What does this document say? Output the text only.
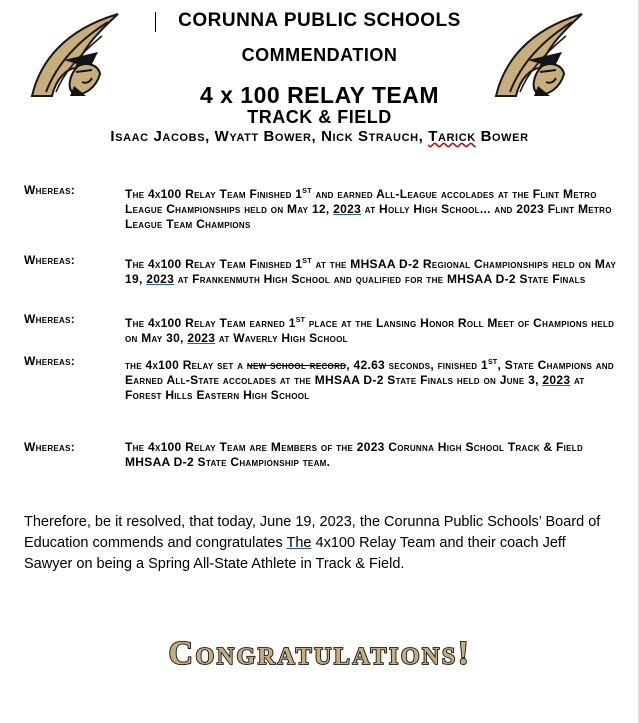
CORUNNA PUBLIC SCHOOLS
COMMENDATION
4 x 100 RELAY TEAM
TRACK & FIELD
Isaac Jacobs, Wyatt Bower, Nick Strauch, Tarick Bower
Whereas:	The 4x100 Relay Team Finished 1st and earned All-League accolades at the Flint Metro League Championships held on May 12, 2023 at Holly High School... and 2023 Flint Metro League Team Champions
Whereas:	The 4x100 Relay Team Finished 1st at the MHSAA D-2 Regional Championships held on May 19, 2023 at Frankenmuth High School and qualified for the MHSAA D-2 State Finals
Whereas:	The 4x100 Relay Team earned 1st place at the Lansing Honor Roll Meet of Champions held on May 30, 2023 at Waverly High School
Whereas:	the 4x100 Relay set a new school record, 42.63 seconds, finished 1st, State Champions and Earned All-State accolades at the MHSAA D-2 State Finals held on June 3, 2023 at Forest Hills Eastern High School
Whereas:	The 4x100 Relay Team are Members of the 2023 Corunna High School Track & Field MHSAA D-2 State Championship team.
Therefore, be it resolved, that today, June 19, 2023, the Corunna Public Schools’ Board of Education commends and congratulates The 4x100 Relay Team and their coach Jeff Sawyer on being a Spring All-State Athlete in Track & Field.
Congratulations!
